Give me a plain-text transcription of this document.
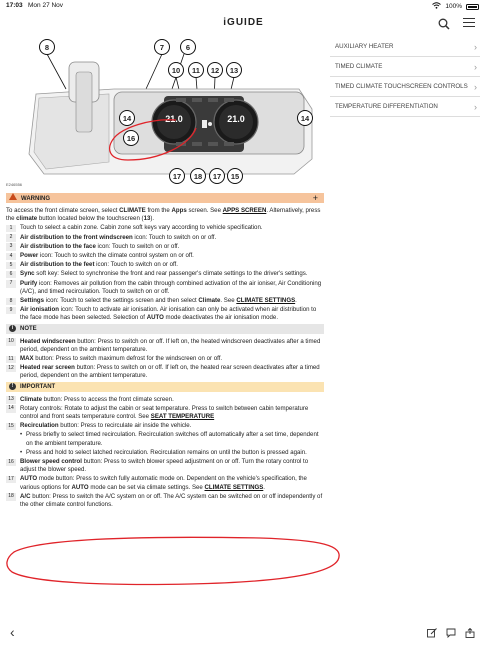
17:03 Mon 27 Nov	100%
iGUIDE
21.0	21.0
8	7	6
10	11	12	13
14	14
16
17	18	17	15
E246556
AUXILIARY HEATER	›
TIMED CLIMATE	›
TIMED CLIMATE TOUCHSCREEN CONTROLS ›
TEMPERATURE DIFFERENTIATION	›
WARNING	+
To access the front climate screen, select CLIMATE from the Apps screen. See APPS SCREEN. Alternatively, press the climate button located below the touchscreen (13).
1	Touch to select a cabin zone. Cabin zone soft keys vary according to vehicle specification.
2	Air distribution to the front windscreen icon: Touch to switch on or off.
3	Air distribution to the face icon: Touch to switch on or off.
4	Power icon: Touch to switch the climate control system on or off.
5	Air distribution to the feet icon: Touch to switch on or off.
6	Sync soft key: Select to synchronise the front and rear passenger's climate settings to the driver's settings.
7	Purify icon: Removes air pollution from the cabin through combined activation of the air ioniser, Air Conditioning (A/C), and timed recirculation. Touch to switch on or off.
8	Settings icon: Touch to select the settings screen and then select Climate. See CLIMATE SETTINGS.
9	Air ionisation icon: Touch to activate air ionisation. Air ionisation can only be activated when air distribution to the face mode has been selected. Selection of AUTO mode deactivates the air ionisation mode.
i	NOTE
10	Heated windscreen button: Press to switch on or off. If left on, the heated windscreen deactivates after a timed period, dependent on the ambient temperature.
11	MAX button: Press to switch maximum defrost for the windscreen on or off.
12	Heated rear screen button: Press to switch on or off. If left on, the heated rear screen deactivates after a timed period, dependent on the ambient temperature.
!	IMPORTANT
13	Climate button: Press to access the front climate screen.
14	Rotary controls: Rotate to adjust the cabin or seat temperature. Press to switch between cabin temperature control and front seats temperature control. See SEAT TEMPERATURE
15	Recirculation button: Press to recirculate air inside the vehicle.
• Press briefly to select timed recirculation. Recirculation switches off automatically after a set time, dependent on the ambient temperature.
• Press and hold to select latched recirculation. Recirculation remains on until the button is pressed again.
16	Blower speed control button: Press to switch blower speed adjustment on or off. Turn the rotary control to adjust the blower speed.
17	AUTO mode button: Press to switch fully automatic mode on. Dependent on the vehicle's specification, the various options for AUTO mode can be set via climate settings. See CLIMATE SETTINGS.
18	A/C button: Press to switch the A/C system on or off. The A/C system can be switched on or off independently of the other climate control functions.
‹
